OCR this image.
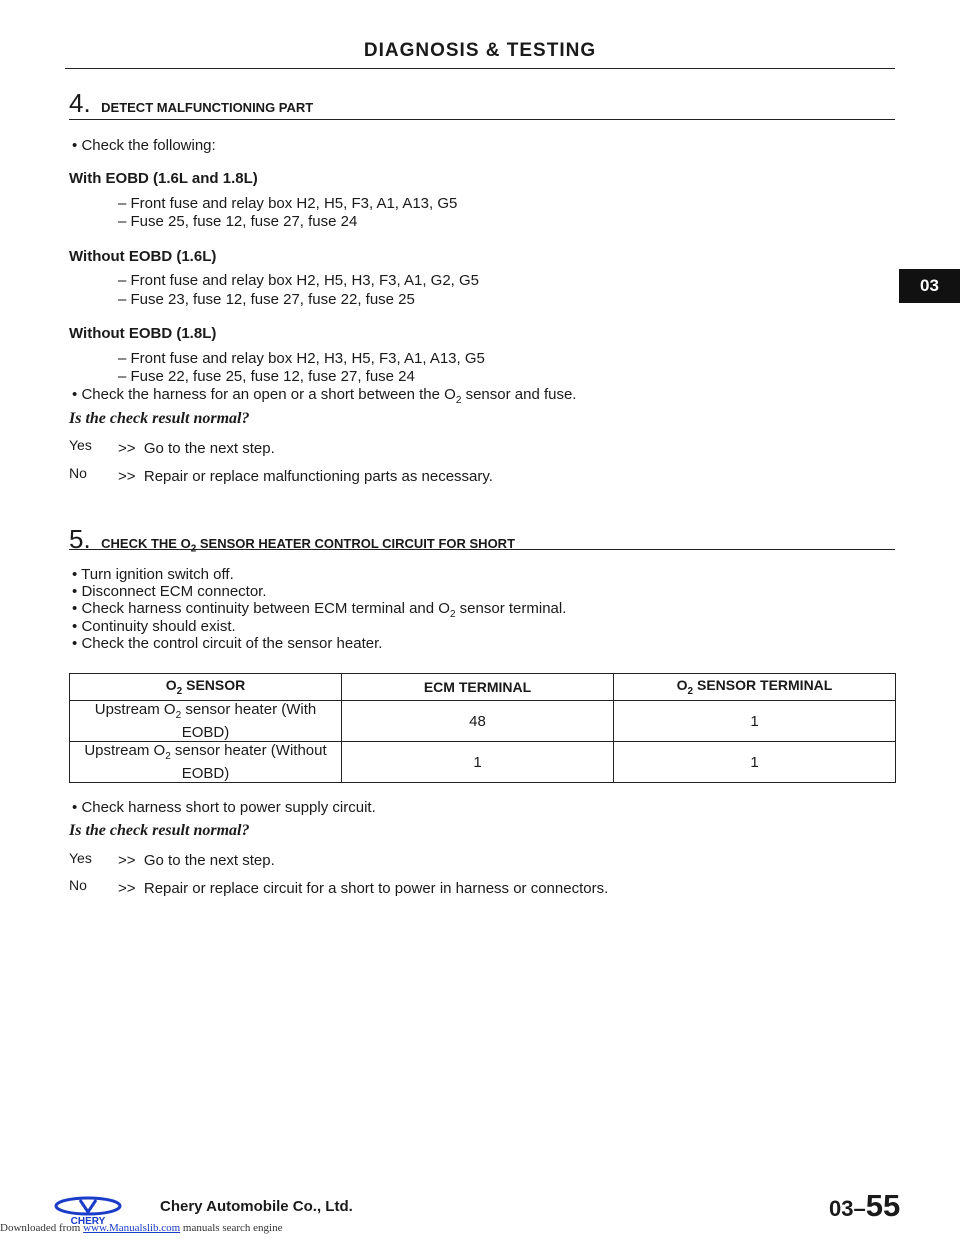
DIAGNOSIS & TESTING
03
4. DETECT MALFUNCTIONING PART
• Check the following:
With EOBD (1.6L and 1.8L)
– Front fuse and relay box H2, H5, F3, A1, A13, G5
– Fuse 25, fuse 12, fuse 27, fuse 24
Without EOBD (1.6L)
– Front fuse and relay box H2, H5, H3, F3, A1, G2, G5
– Fuse 23, fuse 12, fuse 27, fuse 22, fuse 25
Without EOBD (1.8L)
– Front fuse and relay box H2, H3, H5, F3, A1, A13, G5
– Fuse 22, fuse 25, fuse 12, fuse 27, fuse 24
• Check the harness for an open or a short between the $O_2$ sensor and fuse.
Is the check result normal?
Yes >> Go to the next step.
No >> Repair or replace malfunctioning parts as necessary.
5. CHECK THE $O_2$ SENSOR HEATER CONTROL CIRCUIT FOR SHORT
• Turn ignition switch off.
• Disconnect ECM connector.
• Check harness continuity between ECM terminal and $O_2$ sensor terminal.
• Continuity should exist.
• Check the control circuit of the sensor heater.
$O_2$ SENSOR	ECM TERMINAL	$O_2$ SENSOR TERMINAL
Upstream $O_2$ sensor heater (With
EOBD)	48	1
Upstream $O_2$ sensor heater (Without
EOBD)	1	1
• Check harness short to power supply circuit.
Is the check result normal?
Yes >> Go to the next step.
No >> Repair or replace circuit for a short to power in harness or connectors.
CHERY
Chery Automobile Co., Ltd.	03–55
Downloaded from www.Manualslib.com manuals search engine
